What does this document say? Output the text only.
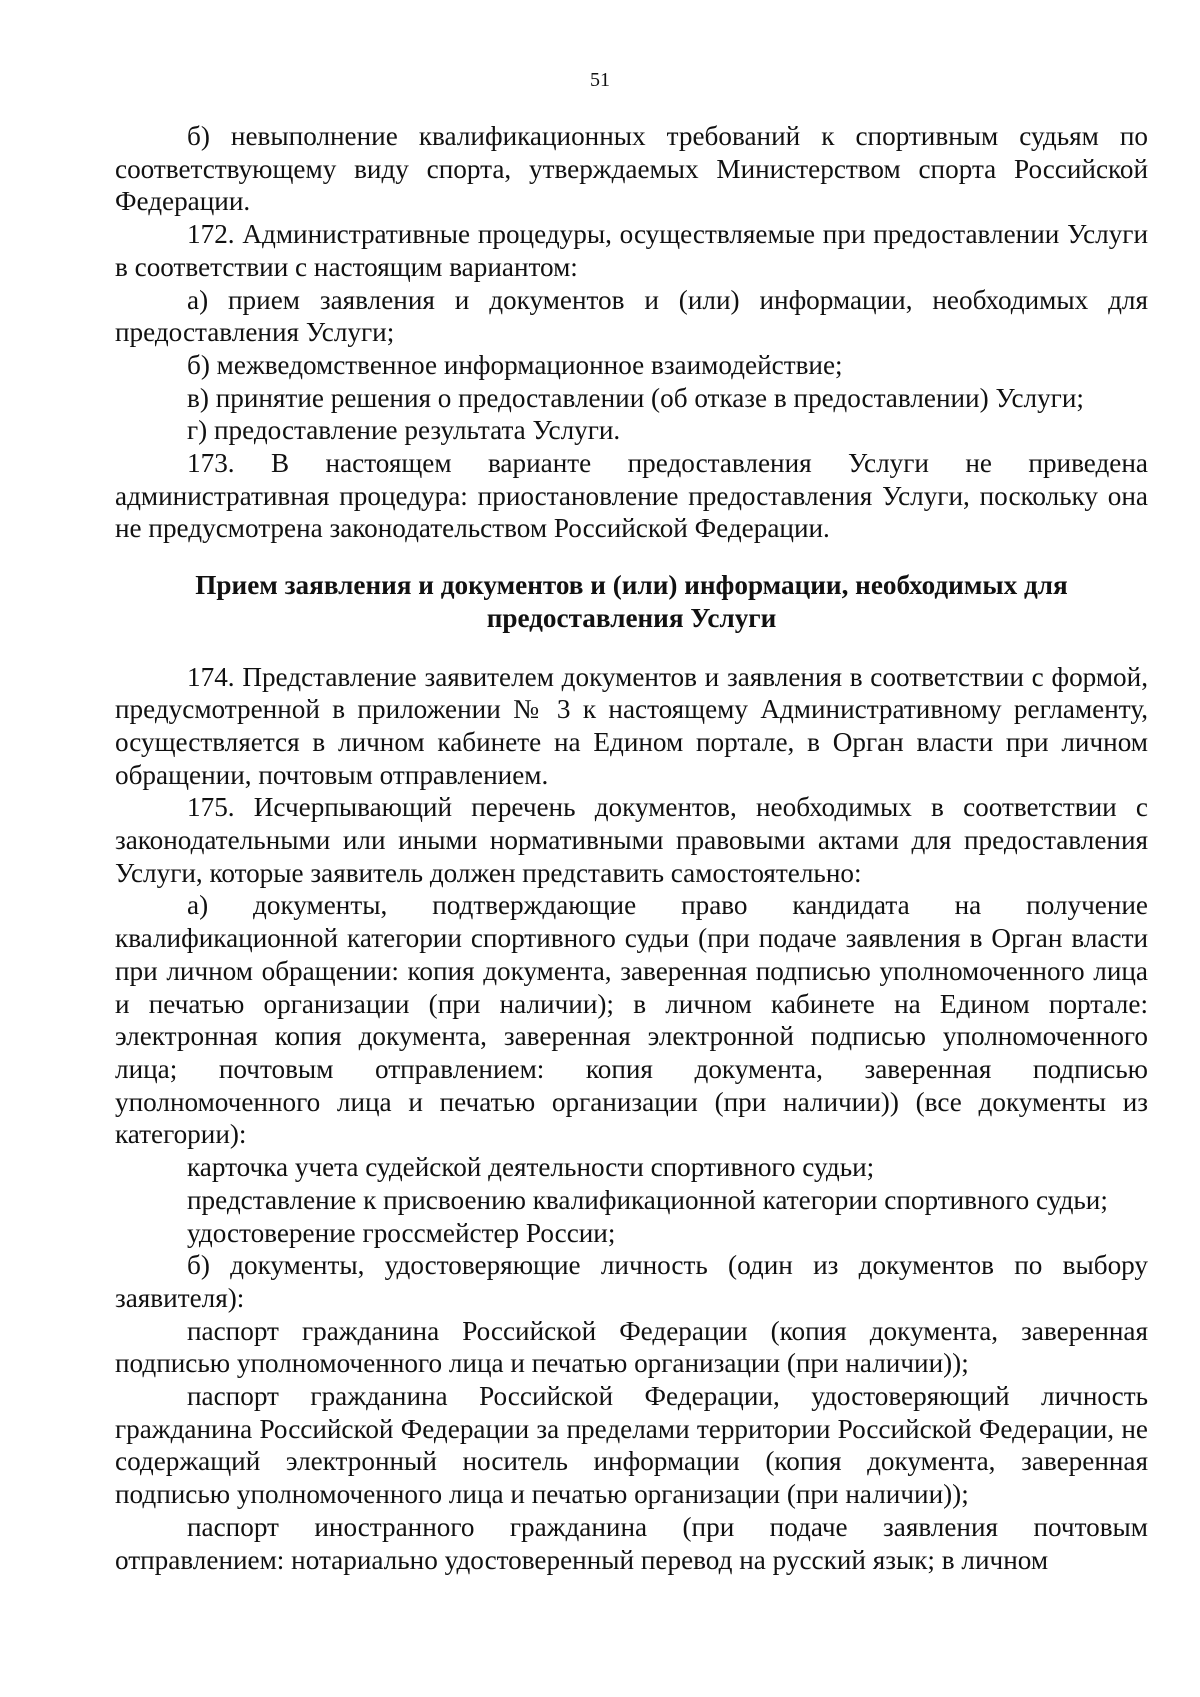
51

б) невыполнение квалификационных требований к спортивным судьям по соответствующему виду спорта, утверждаемых Министерством спорта Российской Федерации.

172. Административные процедуры, осуществляемые при предоставлении Услуги в соответствии с настоящим вариантом:

а) прием заявления и документов и (или) информации, необходимых для предоставления Услуги;

б) межведомственное информационное взаимодействие;

в) принятие решения о предоставлении (об отказе в предоставлении) Услуги;

г) предоставление результата Услуги.

173. В настоящем варианте предоставления Услуги не приведена административная процедура: приостановление предоставления Услуги, поскольку она не предусмотрена законодательством Российской Федерации.

Прием заявления и документов и (или) информации, необходимых для предоставления Услуги

174. Представление заявителем документов и заявления в соответствии с формой, предусмотренной в приложении № 3 к настоящему Административному регламенту, осуществляется в личном кабинете на Едином портале, в Орган власти при личном обращении, почтовым отправлением.

175. Исчерпывающий перечень документов, необходимых в соответствии с законодательными или иными нормативными правовыми актами для предоставления Услуги, которые заявитель должен представить самостоятельно:

а) документы, подтверждающие право кандидата на получение квалификационной категории спортивного судьи (при подаче заявления в Орган власти при личном обращении: копия документа, заверенная подписью уполномоченного лица и печатью организации (при наличии); в личном кабинете на Едином портале: электронная копия документа, заверенная электронной подписью уполномоченного лица; почтовым отправлением: копия документа, заверенная подписью уполномоченного лица и печатью организации (при наличии)) (все документы из категории):

карточка учета судейской деятельности спортивного судьи;

представление к присвоению квалификационной категории спортивного судьи;

удостоверение гроссмейстер России;

б) документы, удостоверяющие личность (один из документов по выбору заявителя):

паспорт гражданина Российской Федерации (копия документа, заверенная подписью уполномоченного лица и печатью организации (при наличии));

паспорт гражданина Российской Федерации, удостоверяющий личность гражданина Российской Федерации за пределами территории Российской Федерации, не содержащий электронный носитель информации (копия документа, заверенная подписью уполномоченного лица и печатью организации (при наличии));

паспорт иностранного гражданина (при подаче заявления почтовым отправлением: нотариально удостоверенный перевод на русский язык; в личном
